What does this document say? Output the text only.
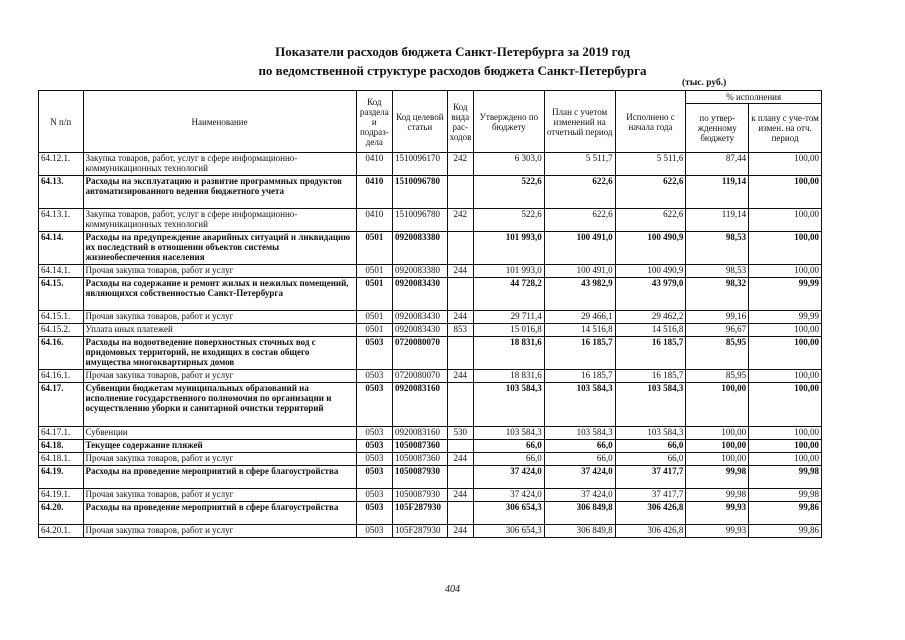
Показатели расходов бюджета Санкт-Петербурга за 2019 год
по ведомственной структуре расходов бюджета Санкт-Петербурга
(тыс. руб.)
N п/п	Наименование	Код раздела и подраз-дела	Код целевой статьи	Код вида рас-ходов	Утверждено по бюджету	План с учетом изменений на отчетный период	Исполнено с начала года	% исполнения	
								по утвер-жденному бюджету	к плану с уче-том измен. на отч. период
64.12.1.	Закупка товаров, работ, услуг в сфере информационно-коммуникационных технологий	0410	1510096170	242	6 303,0	5 511,7	5 511,6	87,44	100,00
64.13.	Расходы на эксплуатацию и развитие программных продуктов автоматизированного ведения бюджетного учета	0410	1510096780		522,6	622,6	622,6	119,14	100,00
64.13.1.	Закупка товаров, работ, услуг в сфере информационно-коммуникационных технологий	0410	1510096780	242	522,6	622,6	622,6	119,14	100,00
64.14.	Расходы на предупреждение аварийных ситуаций и ликвидацию их последствий в отношении объектов системы жизнеобеспечения населения	0501	0920083380		101 993,0	100 491,0	100 490,9	98,53	100,00
64.14.1.	Прочая закупка товаров, работ и услуг	0501	0920083380	244	101 993,0	100 491,0	100 490,9	98,53	100,00
64.15.	Расходы на содержание и ремонт жилых и нежилых помещений, являющихся собственностью Санкт-Петербурга	0501	0920083430		44 728,2	43 982,9	43 979,0	98,32	99,99
64.15.1.	Прочая закупка товаров, работ и услуг	0501	0920083430	244	29 711,4	29 466,1	29 462,2	99,16	99,99
64.15.2.	Уплата иных платежей	0501	0920083430	853	15 016,8	14 516,8	14 516,8	96,67	100,00
64.16.	Расходы на водоотведение поверхностных сточных вод с придомовых территорий, не входящих в состав общего имущества многоквартирных домов	0503	0720080070		18 831,6	16 185,7	16 185,7	85,95	100,00
64.16.1.	Прочая закупка товаров, работ и услуг	0503	0720080070	244	18 831,6	16 185,7	16 185,7	85,95	100,00
64.17.	Субвенции бюджетам муниципальных образований на исполнение государственного полномочия по организации и осуществлению уборки и санитарной очистки территорий	0503	0920083160		103 584,3	103 584,3	103 584,3	100,00	100,00
64.17.1.	Субвенции	0503	0920083160	530	103 584,3	103 584,3	103 584,3	100,00	100,00
64.18.	Текущее содержание пляжей	0503	1050087360		66,0	66,0	66,0	100,00	100,00
64.18.1.	Прочая закупка товаров, работ и услуг	0503	1050087360	244	66,0	66,0	66,0	100,00	100,00
64.19.	Расходы на проведение мероприятий в сфере благоустройства	0503	1050087930		37 424,0	37 424,0	37 417,7	99,98	99,98
64.19.1.	Прочая закупка товаров, работ и услуг	0503	1050087930	244	37 424,0	37 424,0	37 417,7	99,98	99,98
64.20.	Расходы на проведение мероприятий в сфере благоустройства	0503	105F287930		306 654,3	306 849,8	306 426,8	99,93	99,86
64.20.1.	Прочая закупка товаров, работ и услуг	0503	105F287930	244	306 654,3	306 849,8	306 426,8	99,93	99,86
404
